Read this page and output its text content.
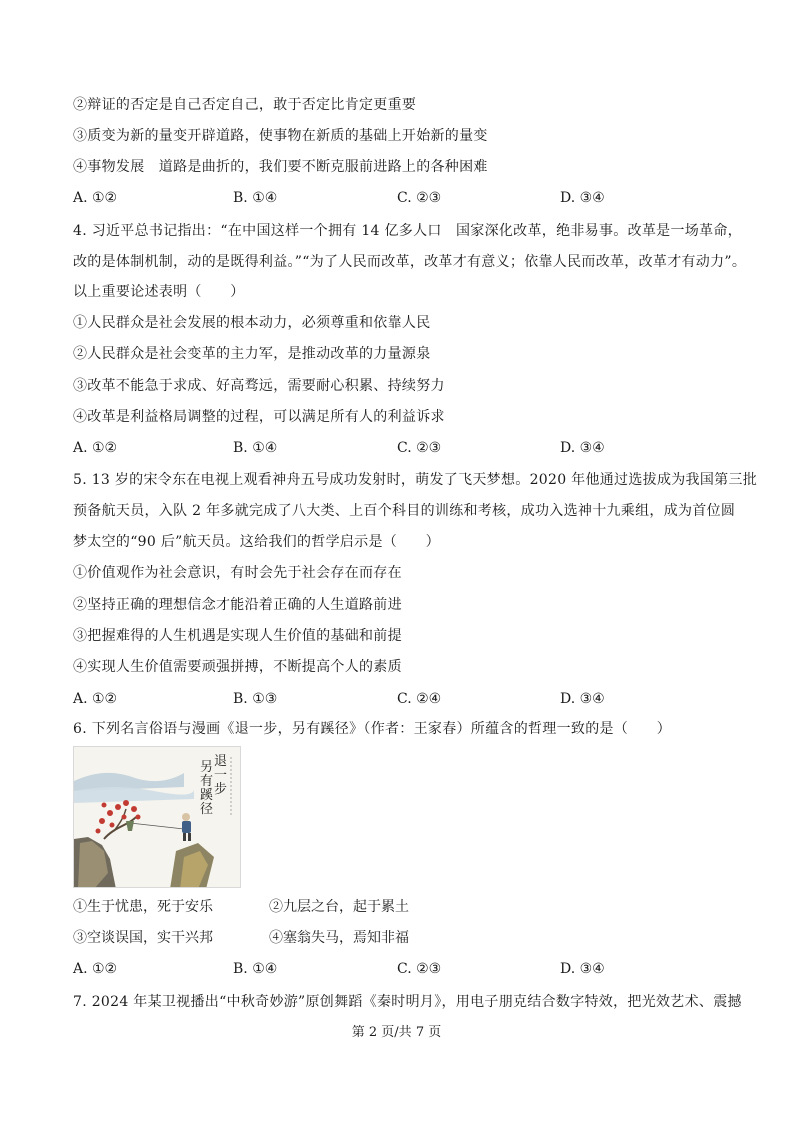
②辩证的否定是自己否定自己，敢于否定比肯定更重要
③质变为新的量变开辟道路，使事物在新质的基础上开始新的量变
④事物发展　道路是曲折的，我们要不断克服前进路上的各种困难
A. ①②	B. ①④	C. ②③	D. ③④
4. 习近平总书记指出：“在中国这样一个拥有 14 亿多人口　国家深化改革，绝非易事。改革是一场革命，
改的是体制机制，动的是既得利益。”“为了人民而改革，改革才有意义；依靠人民而改革，改革才有动力”。
以上重要论述表明（　　）
①人民群众是社会发展的根本动力，必须尊重和依靠人民
②人民群众是社会变革的主力军，是推动改革的力量源泉
③改革不能急于求成、好高骛远，需要耐心积累、持续努力
④改革是利益格局调整的过程，可以满足所有人的利益诉求
A. ①②	B. ①④	C. ②③	D. ③④
5. 13 岁的宋令东在电视上观看神舟五号成功发射时，萌发了飞天梦想。2020 年他通过选拔成为我国第三批
预备航天员，入队 2 年多就完成了八大类、上百个科目的训练和考核，成功入选神十九乘组，成为首位圆
梦太空的“90 后”航天员。这给我们的哲学启示是（　　）
①价值观作为社会意识，有时会先于社会存在而存在
②坚持正确的理想信念才能沿着正确的人生道路前进
③把握难得的人生机遇是实现人生价值的基础和前提
④实现人生价值需要顽强拼搏，不断提高个人的素质
A. ①②	B. ①③	C. ②④	D. ③④
6. 下列名言俗语与漫画《退一步，另有蹊径》（作者：王家春）所蕴含的哲理一致的是（　　）
退
一
步
另
有
蹊
径
①生于忧患，死于安乐	②九层之台，起于累土
③空谈误国，实干兴邦	④塞翁失马，焉知非福
A. ①②	B. ①④	C. ②③	D. ③④
7. 2024 年某卫视播出“中秋奇妙游”原创舞蹈《秦时明月》，用电子朋克结合数字特效，把光效艺术、震撼
第 2 页/共 7 页
